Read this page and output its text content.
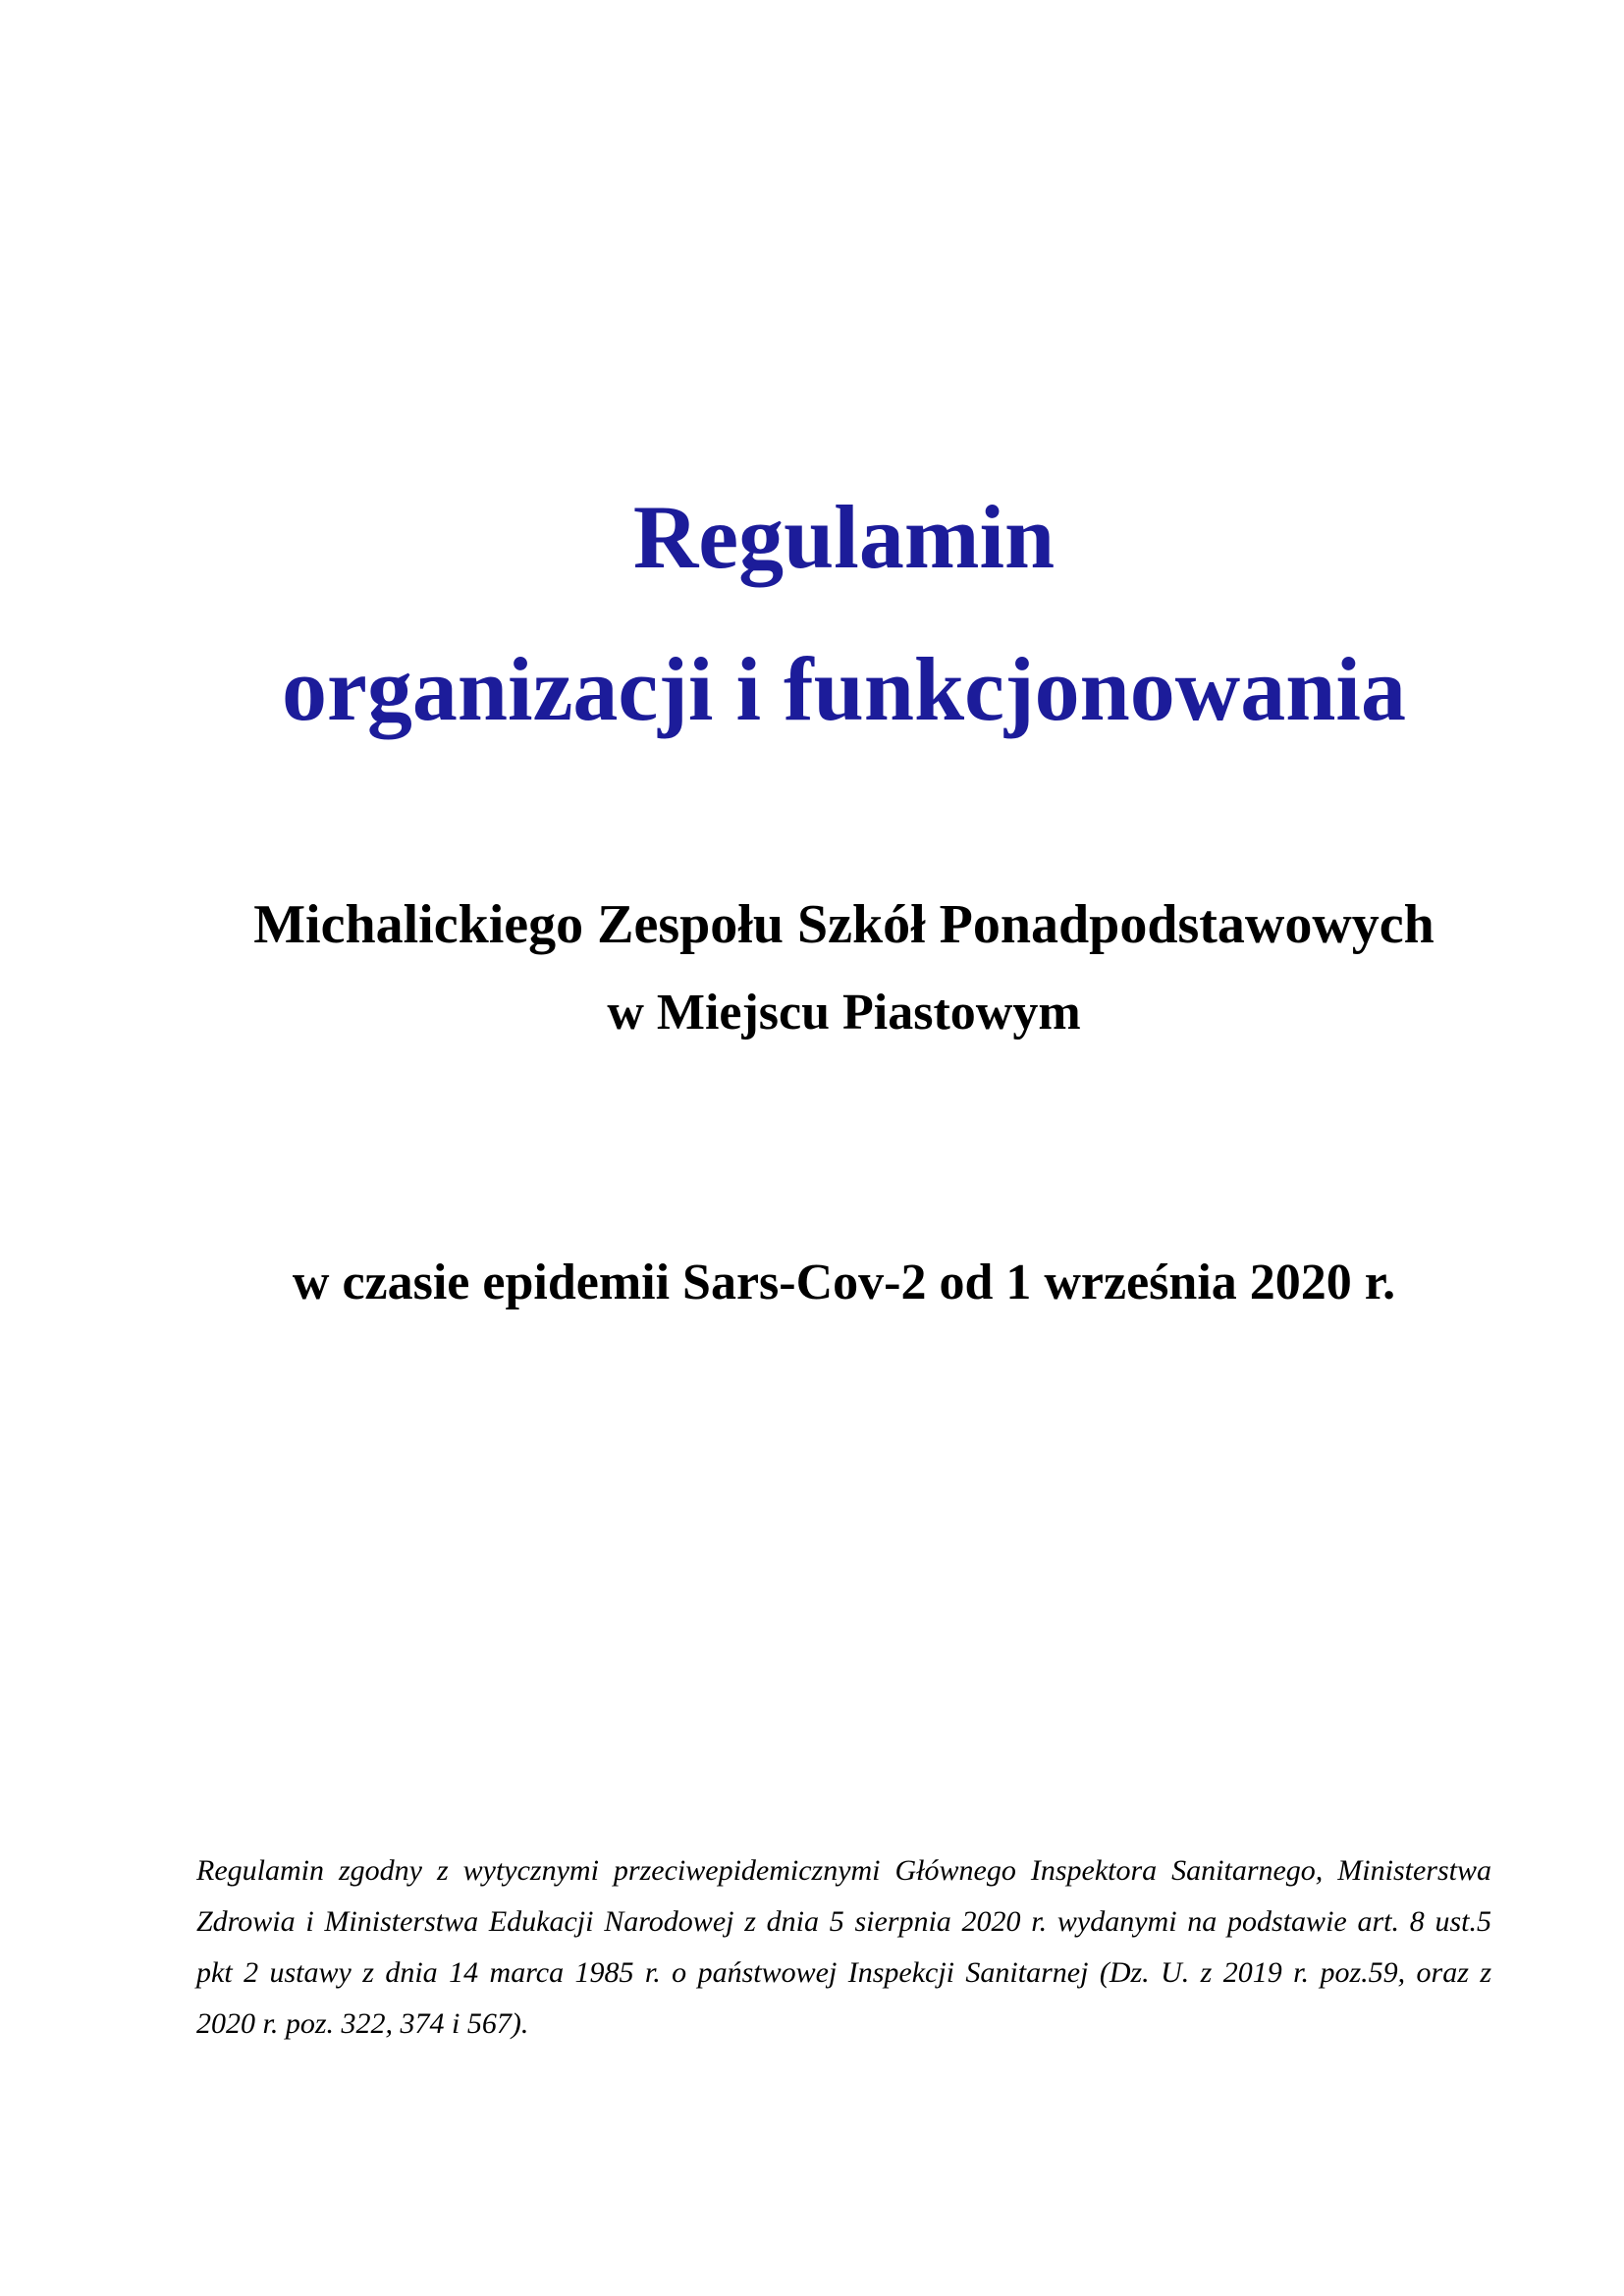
Regulamin
organizacji i funkcjonowania
Michalickiego Zespołu Szkół Ponadpodstawowych
w Miejscu Piastowym
w czasie epidemii Sars-Cov-2 od 1 września 2020 r.
Regulamin zgodny z wytycznymi przeciwepidemicznymi Głównego Inspektora Sanitarnego, Ministerstwa
Zdrowia i Ministerstwa Edukacji Narodowej z dnia 5 sierpnia 2020 r. wydanymi na podstawie art. 8 ust.5
pkt 2 ustawy z dnia 14 marca 1985 r. o państwowej Inspekcji Sanitarnej (Dz. U. z 2019 r. poz.59, oraz z
2020 r. poz. 322, 374 i 567).
